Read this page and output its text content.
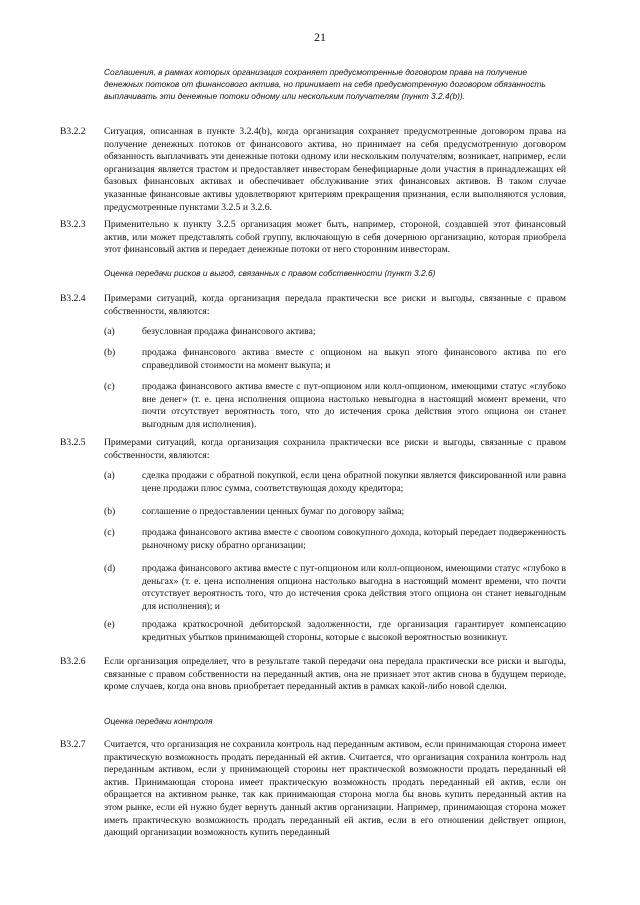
21
Соглашения, в рамках которых организация сохраняет предусмотренные договором права на получение денежных потоков от финансового актива, но принимает на себя предусмотренную договором обязанность выплачивать эти денежные потоки одному или нескольким получателям (пункт 3.2.4(b)).
B3.2.2	Ситуация, описанная в пункте 3.2.4(b), когда организация сохраняет предусмотренные договором права на получение денежных потоков от финансового актива, но принимает на себя предусмотренную договором обязанность выплачивать эти денежные потоки одному или нескольким получателям, возникает, например, если организация является трастом и предоставляет инвесторам бенефициарные доли участия в принадлежащих ей базовых финансовых активах и обеспечивает обслуживание этих финансовых активов. В таком случае указанные финансовые активы удовлетворяют критериям прекращения признания, если выполняются условия, предусмотренные пунктами 3.2.5 и 3.2.6.
B3.2.3	Применительно к пункту 3.2.5 организация может быть, например, стороной, создавшей этот финансовый актив, или может представлять собой группу, включающую в себя дочернюю организацию, которая приобрела этот финансовый актив и передает денежные потоки от него сторонним инвесторам.
Оценка передачи рисков и выгод, связанных с правом собственности (пункт 3.2.6)
B3.2.4	Примерами ситуаций, когда организация передала практически все риски и выгоды, связанные с правом собственности, являются:
(a)	безусловная продажа финансового актива;
(b)	продажа финансового актива вместе с опционом на выкуп этого финансового актива по его справедливой стоимости на момент выкупа; и
(c)	продажа финансового актива вместе с пут-опционом или колл-опционом, имеющими статус «глубоко вне денег» (т. е. цена исполнения опциона настолько невыгодна в настоящий момент времени, что почти отсутствует вероятность того, что до истечения срока действия этого опциона он станет выгодным для исполнения).
B3.2.5	Примерами ситуаций, когда организация сохранила практически все риски и выгоды, связанные с правом собственности, являются:
(a)	сделка продажи с обратной покупкой, если цена обратной покупки является фиксированной или равна цене продажи плюс сумма, соответствующая доходу кредитора;
(b)	соглашение о предоставлении ценных бумаг по договору займа;
(c)	продажа финансового актива вместе с своопом совокупного дохода, который передает подверженность рыночному риску обратно организации;
(d)	продажа финансового актива вместе с пут-опционом или колл-опционом, имеющими статус «глубоко в деньгах» (т. е. цена исполнения опциона настолько выгодна в настоящий момент времени, что почти отсутствует вероятность того, что до истечения срока действия этого опциона он станет невыгодным для исполнения); и
(e)	продажа краткосрочной дебиторской задолженности, где организация гарантирует компенсацию кредитных убытков принимающей стороны, которые с высокой вероятностью возникнут.
B3.2.6	Если организация определяет, что в результате такой передачи она передала практически все риски и выгоды, связанные с правом собственности на переданный актив, она не признает этот актив снова в будущем периоде, кроме случаев, когда она вновь приобретает переданный актив в рамках какой-либо новой сделки.
Оценка передачи контроля
B3.2.7	Считается, что организация не сохранила контроль над переданным активом, если принимающая сторона имеет практическую возможность продать переданный ей актив. Считается, что организация сохранила контроль над переданным активом, если у принимающей стороны нет практической возможности продать переданный ей актив. Принимающая сторона имеет практическую возможность продать переданный ей актив, если он обращается на активном рынке, так как принимающая сторона могла бы вновь купить переданный актив на этом рынке, если ей нужно будет вернуть данный актив организации. Например, принимающая сторона может иметь практическую возможность продать переданный ей актив, если в его отношении действует опцион, дающий организации возможность купить переданный
